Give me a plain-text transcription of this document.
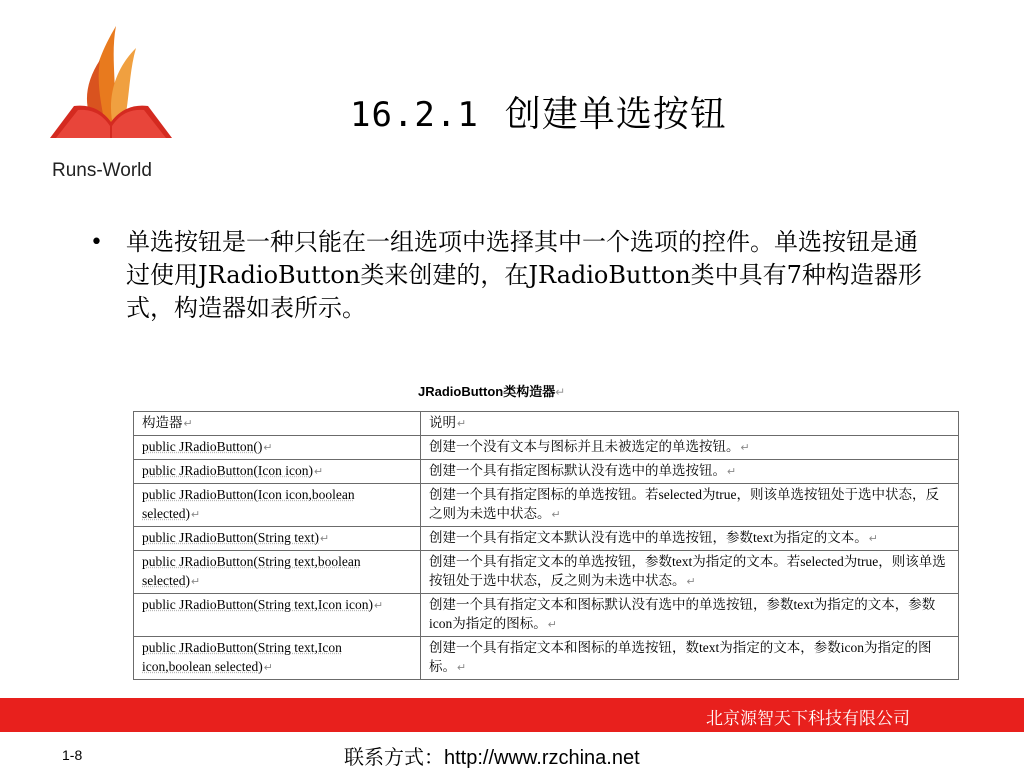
Runs-World
16.2.1 创建单选按钮
• 单选按钮是一种只能在一组选项中选择其中一个选项的控件。单选按钮是通过使用JRadioButton类来创建的，在JRadioButton类中具有7种构造器形式，构造器如表所示。
JRadioButton类构造器↵
构造器↵	说明↵
public JRadioButton()↵	创建一个没有文本与图标并且未被选定的单选按钮。↵
public JRadioButton(Icon icon)↵	创建一个具有指定图标默认没有选中的单选按钮。↵
public JRadioButton(Icon icon,boolean selected)↵	创建一个具有指定图标的单选按钮。若selected为true，则该单选按钮处于选中状态，反之则为未选中状态。↵
public JRadioButton(String text)↵	创建一个具有指定文本默认没有选中的单选按钮，参数text为指定的文本。↵
public JRadioButton(String text,boolean selected)↵	创建一个具有指定文本的单选按钮，参数text为指定的文本。若selected为true，则该单选按钮处于选中状态，反之则为未选中状态。↵
public JRadioButton(String text,Icon icon)↵	创建一个具有指定文本和图标默认没有选中的单选按钮，参数text为指定的文本，参数icon为指定的图标。↵
public JRadioButton(String text,Icon icon,boolean selected)↵	创建一个具有指定文本和图标的单选按钮，数text为指定的文本，参数icon为指定的图标。↵
北京源智天下科技有限公司
1-8	联系方式：http://www.rzchina.net
